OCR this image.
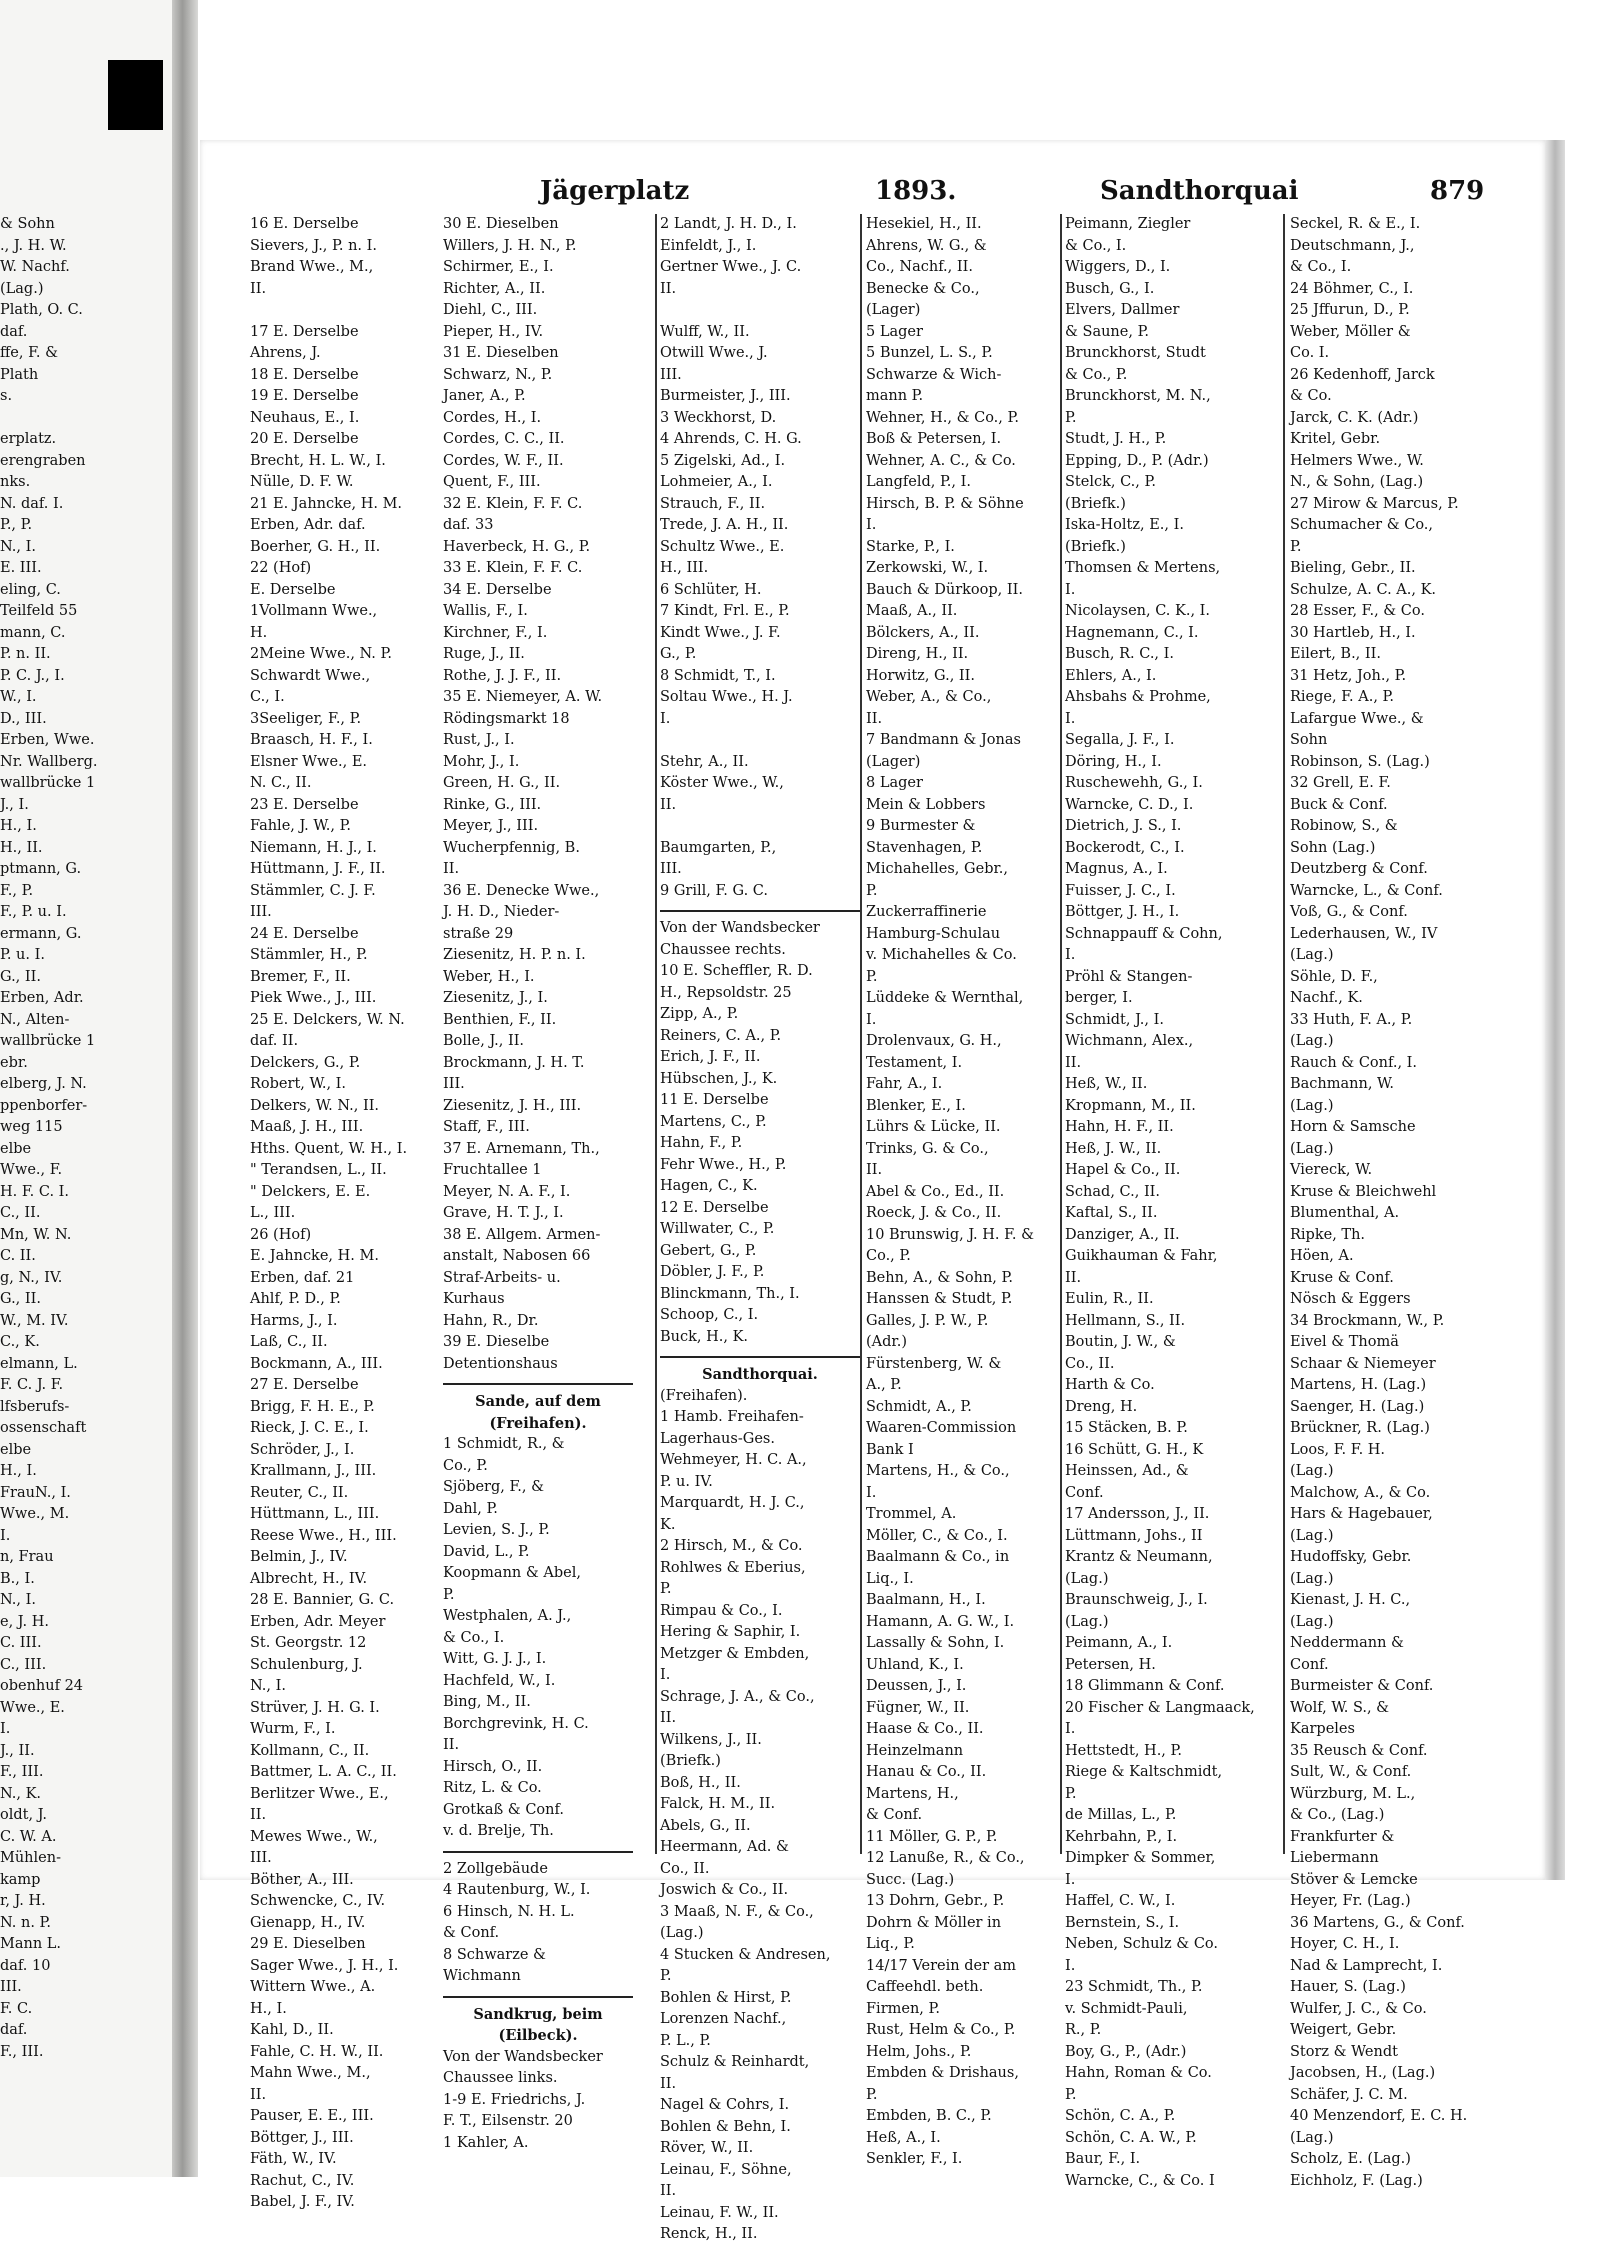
Jägerplatz	1893.	Sandthorquai	879
& Sohn
., J. H. W.
W. Nachf.
(Lag.)
Plath, O. C.
daf.
ffe, F. &
Plath
s.
erplatz.
erengraben
nks.
N. daf. I.
P., P.
N., I.
E. III.
eling, C.
Teilfeld 55
mann, C.
P. n. II.
P. C. J., I.
W., I.
D., III.
Erben, Wwe.
Nr. Wallberg.
wallbrücke 1
J., I.
H., I.
H., II.
ptmann, G.
F., P.
F., P. u. I.
ermann, G.
P. u. I.
G., II.
Erben, Adr.
N., Alten-
wallbrücke 1
ebr.
elberg, J. N.
ppenborfer-
weg 115
elbe
Wwe., F.
H. F. C. I.
C., II.
Mn, W. N.
C. II.
g, N., IV.
G., II.
W., M. IV.
C., K.
elmann, L.
F. C. J. F.
lfsberufs-
ossenschaft
elbe
H., I.
FrauN., I.
Wwe., M.
I.
n, Frau
B., I.
N., I.
e, J. H.
C. III.
C., III.
obenhuf 24
Wwe., E.
I.
J., II.
F., III.
N., K.
oldt, J.
C. W. A.
Mühlen-
kamp
r, J. H.
N. n. P.
Mann L.
daf. 10
III.
F. C.
daf.
F., III.
16 E. Derselbe
Sievers, J., P. n. I.
Brand Wwe., M.,
II.
17 E. Derselbe
Ahrens, J.
18 E. Derselbe
19 E. Derselbe
Neuhaus, E., I.
20 E. Derselbe
Brecht, H. L. W., I.
Nülle, D. F. W.
21 E. Jahncke, H. M.
Erben, Adr. daf.
Boerher, G. H., II.
22 (Hof)
E. Derselbe
1Vollmann Wwe.,
H.
2Meine Wwe., N. P.
Schwardt Wwe.,
C., I.
3Seeliger, F., P.
Braasch, H. F., I.
Elsner Wwe., E.
N. C., II.
23 E. Derselbe
Fahle, J. W., P.
Niemann, H. J., I.
Hüttmann, J. F., II.
Stämmler, C. J. F.
III.
24 E. Derselbe
Stämmler, H., P.
Bremer, F., II.
Piek Wwe., J., III.
25 E. Delckers, W. N.
daf. II.
Delckers, G., P.
Robert, W., I.
Delkers, W. N., II.
Maaß, J. H., III.
Hths. Quent, W. H., I.
" Terandsen, L., II.
" Delckers, E. E.
L., III.
26 (Hof)
E. Jahncke, H. M.
Erben, daf. 21
Ahlf, P. D., P.
Harms, J., I.
Laß, C., II.
Bockmann, A., III.
27 E. Derselbe
Brigg, F. H. E., P.
Rieck, J. C. E., I.
Schröder, J., I.
Krallmann, J., III.
Reuter, C., II.
Hüttmann, L., III.
Reese Wwe., H., III.
Belmin, J., IV.
Albrecht, H., IV.
28 E. Bannier, G. C.
Erben, Adr. Meyer
St. Georgstr. 12
Schulenburg, J.
N., I.
Strüver, J. H. G. I.
Wurm, F., I.
Kollmann, C., II.
Battmer, L. A. C., II.
Berlitzer Wwe., E.,
II.
Mewes Wwe., W.,
III.
Böther, A., III.
Schwencke, C., IV.
Gienapp, H., IV.
29 E. Dieselben
Sager Wwe., J. H., I.
Wittern Wwe., A.
H., I.
Kahl, D., II.
Fahle, C. H. W., II.
Mahn Wwe., M.,
II.
Pauser, E. E., III.
Böttger, J., III.
Fäth, W., IV.
Rachut, C., IV.
Babel, J. F., IV.
30 E. Dieselben
Willers, J. H. N., P.
Schirmer, E., I.
Richter, A., II.
Diehl, C., III.
Pieper, H., IV.
31 E. Dieselben
Schwarz, N., P.
Janer, A., P.
Cordes, H., I.
Cordes, C. C., II.
Cordes, W. F., II.
Quent, F., III.
32 E. Klein, F. F. C.
daf. 33
Haverbeck, H. G., P.
33 E. Klein, F. F. C.
34 E. Derselbe
Wallis, F., I.
Kirchner, F., I.
Ruge, J., II.
Rothe, J. J. F., II.
35 E. Niemeyer, A. W.
Rödingsmarkt 18
Rust, J., I.
Mohr, J., I.
Green, H. G., II.
Rinke, G., III.
Meyer, J., III.
Wucherpfennig, B.
II.
36 E. Denecke Wwe.,
J. H. D., Nieder-
straße 29
Ziesenitz, H. P. n. I.
Weber, H., I.
Ziesenitz, J., I.
Benthien, F., II.
Bolle, J., II.
Brockmann, J. H. T.
III.
Ziesenitz, J. H., III.
Staff, F., III.
37 E. Arnemann, Th.,
Fruchtallee 1
Meyer, N. A. F., I.
Grave, H. T. J., I.
38 E. Allgem. Armen-
anstalt, Nabosen 66
Straf-Arbeits- u.
Kurhaus
Hahn, R., Dr.
39 E. Dieselbe
Detentionshaus
Sande, auf dem
(Freihafen).
1 Schmidt, R., &
Co., P.
Sjöberg, F., &
Dahl, P.
Levien, S. J., P.
David, L., P.
Koopmann & Abel,
P.
Westphalen, A. J.,
& Co., I.
Witt, G. J. J., I.
Hachfeld, W., I.
Bing, M., II.
Borchgrevink, H. C.
II.
Hirsch, O., II.
Ritz, L. & Co.
Grotkaß & Conf.
v. d. Brelje, Th.
2 Zollgebäude
4 Rautenburg, W., I.
6 Hinsch, N. H. L.
& Conf.
8 Schwarze &
Wichmann
Sandkrug, beim
(Eilbeck).
Von der Wandsbecker
Chaussee links.
1-9 E. Friedrichs, J.
F. T., Eilsenstr. 20
1 Kahler, A.
2 Landt, J. H. D., I.
Einfeldt, J., I.
Gertner Wwe., J. C.
II.
Wulff, W., II.
Otwill Wwe., J.
III.
Burmeister, J., III.
3 Weckhorst, D.
4 Ahrends, C. H. G.
5 Zigelski, Ad., I.
Lohmeier, A., I.
Strauch, F., II.
Trede, J. A. H., II.
Schultz Wwe., E.
H., III.
6 Schlüter, H.
7 Kindt, Frl. E., P.
Kindt Wwe., J. F.
G., P.
8 Schmidt, T., I.
Soltau Wwe., H. J.
I.
Stehr, A., II.
Köster Wwe., W.,
II.
Baumgarten, P.,
III.
9 Grill, F. G. C.
Von der Wandsbecker
Chaussee rechts.
10 E. Scheffler, R. D.
H., Repsoldstr. 25
Zipp, A., P.
Reiners, C. A., P.
Erich, J. F., II.
Hübschen, J., K.
11 E. Derselbe
Martens, C., P.
Hahn, F., P.
Fehr Wwe., H., P.
Hagen, C., K.
12 E. Derselbe
Willwater, C., P.
Gebert, G., P.
Döbler, J. F., P.
Blinckmann, Th., I.
Schoop, C., I.
Buck, H., K.
Sandthorquai.
(Freihafen).
1 Hamb. Freihafen-
Lagerhaus-Ges.
Wehmeyer, H. C. A.,
P. u. IV.
Marquardt, H. J. C.,
K.
2 Hirsch, M., & Co.
Rohlwes & Eberius,
P.
Rimpau & Co., I.
Hering & Saphir, I.
Metzger & Embden,
I.
Schrage, J. A., & Co.,
II.
Wilkens, J., II.
(Briefk.)
Boß, H., II.
Falck, H. M., II.
Abels, G., II.
Heermann, Ad. &
Co., II.
Joswich & Co., II.
3 Maaß, N. F., & Co.,
(Lag.)
4 Stucken & Andresen,
P.
Bohlen & Hirst, P.
Lorenzen Nachf.,
P. L., P.
Schulz & Reinhardt,
II.
Nagel & Cohrs, I.
Bohlen & Behn, I.
Röver, W., II.
Leinau, F., Söhne,
II.
Leinau, F. W., II.
Renck, H., II.
Hesekiel, H., II.
Ahrens, W. G., &
Co., Nachf., II.
Benecke & Co.,
(Lager)
5 Lager
5 Bunzel, L. S., P.
Schwarze & Wich-
mann P.
Wehner, H., & Co., P.
Boß & Petersen, I.
Wehner, A. C., & Co.
Langfeld, P., I.
Hirsch, B. P. & Söhne
I.
Starke, P., I.
Zerkowski, W., I.
Bauch & Dürkoop, II.
Maaß, A., II.
Bölckers, A., II.
Direng, H., II.
Horwitz, G., II.
Weber, A., & Co.,
II.
7 Bandmann & Jonas
(Lager)
8 Lager
Mein & Lobbers
9 Burmester &
Stavenhagen, P.
Michahelles, Gebr.,
P.
Zuckerraffinerie
Hamburg-Schulau
v. Michahelles & Co.
P.
Lüddeke & Wernthal,
I.
Drolenvaux, G. H.,
Testament, I.
Fahr, A., I.
Blenker, E., I.
Lührs & Lücke, II.
Trinks, G. & Co.,
II.
Abel & Co., Ed., II.
Roeck, J. & Co., II.
10 Brunswig, J. H. F. &
Co., P.
Behn, A., & Sohn, P.
Hanssen & Studt, P.
Galles, J. P. W., P.
(Adr.)
Fürstenberg, W. &
A., P.
Schmidt, A., P.
Waaren-Commission
Bank I
Martens, H., & Co.,
I.
Trommel, A.
Möller, C., & Co., I.
Baalmann & Co., in
Liq., I.
Baalmann, H., I.
Hamann, A. G. W., I.
Lassally & Sohn, I.
Uhland, K., I.
Deussen, J., I.
Fügner, W., II.
Haase & Co., II.
Heinzelmann
Hanau & Co., II.
Martens, H.,
& Conf.
11 Möller, G. P., P.
12 Lanuße, R., & Co.,
Succ. (Lag.)
13 Dohrn, Gebr., P.
Dohrn & Möller in
Liq., P.
14/17 Verein der am
Caffeehdl. beth.
Firmen, P.
Rust, Helm & Co., P.
Helm, Johs., P.
Embden & Drishaus,
P.
Embden, B. C., P.
Heß, A., I.
Senkler, F., I.
Peimann, Ziegler
& Co., I.
Wiggers, D., I.
Busch, G., I.
Elvers, Dallmer
& Saune, P.
Brunckhorst, Studt
& Co., P.
Brunckhorst, M. N.,
P.
Studt, J. H., P.
Epping, D., P. (Adr.)
Stelck, C., P.
(Briefk.)
Iska-Holtz, E., I.
(Briefk.)
Thomsen & Mertens,
I.
Nicolaysen, C. K., I.
Hagnemann, C., I.
Busch, R. C., I.
Ehlers, A., I.
Ahsbahs & Prohme,
I.
Segalla, J. F., I.
Döring, H., I.
Ruschewehh, G., I.
Warncke, C. D., I.
Dietrich, J. S., I.
Bockerodt, C., I.
Magnus, A., I.
Fuisser, J. C., I.
Böttger, J. H., I.
Schnappauff & Cohn,
I.
Pröhl & Stangen-
berger, I.
Schmidt, J., I.
Wichmann, Alex.,
II.
Heß, W., II.
Kropmann, M., II.
Hahn, H. F., II.
Heß, J. W., II.
Hapel & Co., II.
Schad, C., II.
Kaftal, S., II.
Danziger, A., II.
Guikhauman & Fahr,
II.
Eulin, R., II.
Hellmann, S., II.
Boutin, J. W., &
Co., II.
Harth & Co.
Dreng, H.
15 Stäcken, B. P.
16 Schütt, G. H., K
Heinssen, Ad., &
Conf.
17 Andersson, J., II.
Lüttmann, Johs., II
Krantz & Neumann,
(Lag.)
Braunschweig, J., I.
(Lag.)
Peimann, A., I.
Petersen, H.
18 Glimmann & Conf.
20 Fischer & Langmaack,
I.
Hettstedt, H., P.
Riege & Kaltschmidt,
P.
de Millas, L., P.
Kehrbahn, P., I.
Dimpker & Sommer,
I.
Haffel, C. W., I.
Bernstein, S., I.
Neben, Schulz & Co.
I.
23 Schmidt, Th., P.
v. Schmidt-Pauli,
R., P.
Boy, G., P., (Adr.)
Hahn, Roman & Co.
P.
Schön, C. A., P.
Schön, C. A. W., P.
Baur, F., I.
Warncke, C., & Co. I
Seckel, R. & E., I.
Deutschmann, J.,
& Co., I.
24 Böhmer, C., I.
25 Jffurun, D., P.
Weber, Möller &
Co. I.
26 Kedenhoff, Jarck
& Co.
Jarck, C. K. (Adr.)
Kritel, Gebr.
Helmers Wwe., W.
N., & Sohn, (Lag.)
27 Mirow & Marcus, P.
Schumacher & Co.,
P.
Bieling, Gebr., II.
Schulze, A. C. A., K.
28 Esser, F., & Co.
30 Hartleb, H., I.
Eilert, B., II.
31 Hetz, Joh., P.
Riege, F. A., P.
Lafargue Wwe., &
Sohn
Robinson, S. (Lag.)
32 Grell, E. F.
Buck & Conf.
Robinow, S., &
Sohn (Lag.)
Deutzberg & Conf.
Warncke, L., & Conf.
Voß, G., & Conf.
Lederhausen, W., IV
(Lag.)
Söhle, D. F.,
Nachf., K.
33 Huth, F. A., P.
(Lag.)
Rauch & Conf., I.
Bachmann, W.
(Lag.)
Horn & Samsche
(Lag.)
Viereck, W.
Kruse & Bleichwehl
Blumenthal, A.
Ripke, Th.
Höen, A.
Kruse & Conf.
Nösch & Eggers
34 Brockmann, W., P.
Eivel & Thomä
Schaar & Niemeyer
Martens, H. (Lag.)
Saenger, H. (Lag.)
Brückner, R. (Lag.)
Loos, F. F. H.
(Lag.)
Malchow, A., & Co.
Hars & Hagebauer,
(Lag.)
Hudoffsky, Gebr.
(Lag.)
Kienast, J. H. C.,
(Lag.)
Neddermann &
Conf.
Burmeister & Conf.
Wolf, W. S., &
Karpeles
35 Reusch & Conf.
Sult, W., & Conf.
Würzburg, M. L.,
& Co., (Lag.)
Frankfurter &
Liebermann
Stöver & Lemcke
Heyer, Fr. (Lag.)
36 Martens, G., & Conf.
Hoyer, C. H., I.
Nad & Lamprecht, I.
Hauer, S. (Lag.)
Wulfer, J. C., & Co.
Weigert, Gebr.
Storz & Wendt
Jacobsen, H., (Lag.)
Schäfer, J. C. M.
40 Menzendorf, E. C. H.
(Lag.)
Scholz, E. (Lag.)
Eichholz, F. (Lag.)
